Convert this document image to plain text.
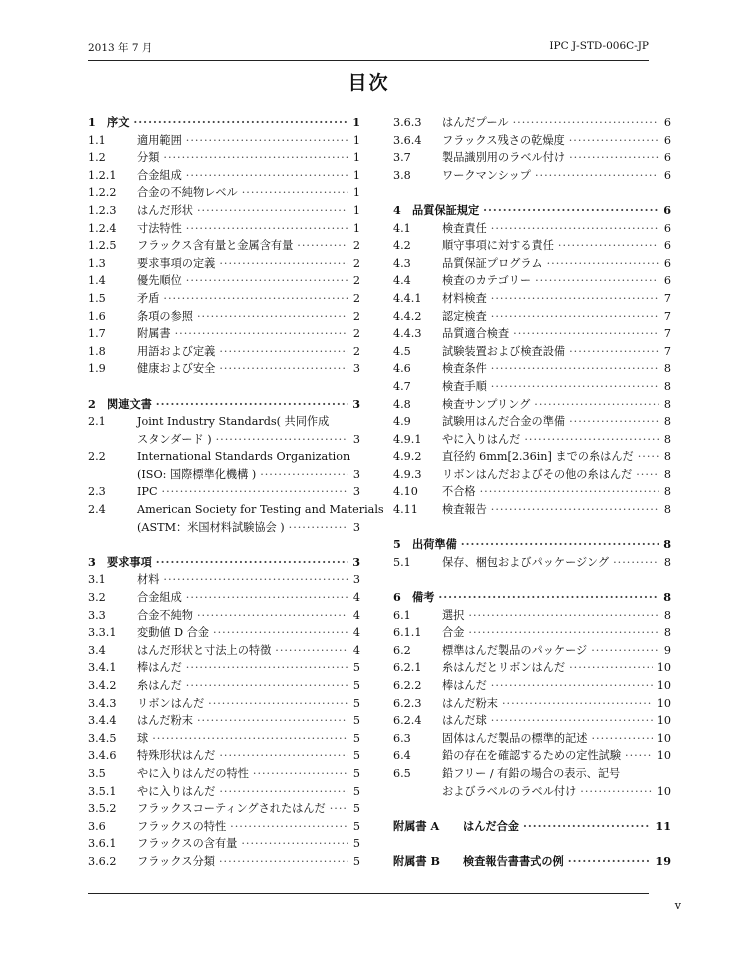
2013 年 7 月	IPC J-STD-006C-JP
目次
1 序文 ·····	1
1.1	適用範囲 ·····	1
1.2	分類 ·····	1
1.2.1 合金組成 ·····	1
1.2.2 合金の不純物レベル ·····	1
1.2.3 はんだ形状 ·····	1
1.2.4 寸法特性 ·····	1
1.2.5 フラックス含有量と金属含有量 ·····	2
1.3	要求事項の定義 ·····	2
1.4	優先順位 ·····	2
1.5	矛盾 ·····	2
1.6	条項の参照 ·····	2
1.7	附属書 ·····	2
1.8	用語および定義 ·····	2
1.9	健康および安全 ·····	3
2 関連文書 ·····	3
2.1	Joint Industry Standards( 共同作成
スタンダード ) ·····	3
2.2	International Standards Organization
(ISO: 国際標準化機構 ) ·····	3
2.3	IPC ·····	3
2.4	American Society for Testing and Materials
(ASTM：米国材料試験協会 ) ·····	3
3 要求事項 ·····	3
3.1	材料 ·····	3
3.2	合金組成 ·····	4
3.3	合金不純物 ·····	4
3.3.1 変動値 D 合金 ·····	4
3.4	はんだ形状と寸法上の特徴 ·····	4
3.4.1 棒はんだ ·····	5
3.4.2 糸はんだ ·····	5
3.4.3 リボンはんだ ·····	5
3.4.4 はんだ粉末 ·····	5
3.4.5 球 ·····	5
3.4.6 特殊形状はんだ ·····	5
3.5	やに入りはんだの特性 ·····	5
3.5.1 やに入りはんだ ·····	5
3.5.2 フラックスコーティングされたはんだ ····· 5
3.6	フラックスの特性 ·····	5
3.6.1 フラックスの含有量 ·····	5
3.6.2 フラックス分類 ·····	5
3.6.3 はんだプール ·····	6
3.6.4 フラックス残さの乾燥度 ·····	6
3.7	製品識別用のラベル付け ·····	6
3.8	ワークマンシップ ·····	6
4 品質保証規定 ·····	6
4.1	検査責任 ·····	6
4.2	順守事項に対する責任 ·····	6
4.3	品質保証プログラム ·····	6
4.4	検査のカテゴリー ·····	6
4.4.1 材料検査 ·····	7
4.4.2 認定検査 ·····	7
4.4.3 品質適合検査 ·····	7
4.5	試験装置および検査設備 ·····	7
4.6	検査条件 ·····	8
4.7	検査手順 ·····	8
4.8	検査サンプリング ·····	8
4.9	試験用はんだ合金の準備 ·····	8
4.9.1 やに入りはんだ ·····	8
4.9.2 直径約 6mm[2.36in] までの糸はんだ ·····	8
4.9.3 リボンはんだおよびその他の糸はんだ ·····	8
4.10 不合格 ·····	8
4.11 検査報告 ·····	8
5 出荷準備 ·····	8
5.1	保存、梱包およびパッケージング ·····	8
6 備考 ·····	8
6.1	選択 ·····	8
6.1.1 合金 ·····	8
6.2	標準はんだ製品のパッケージ ·····	9
6.2.1 糸はんだとリボンはんだ ·····	10
6.2.2 棒はんだ ·····	10
6.2.3 はんだ粉末 ·····	10
6.2.4 はんだ球 ·····	10
6.3	固体はんだ製品の標準的記述 ·····	10
6.4	鉛の存在を確認するための定性試験 ·····	10
6.5	鉛フリー / 有鉛の場合の表示、記号
およびラベルのラベル付け ·····	10
附属書 A はんだ合金 ·····	11
附属書 B 検査報告書書式の例 ·····	19
v
